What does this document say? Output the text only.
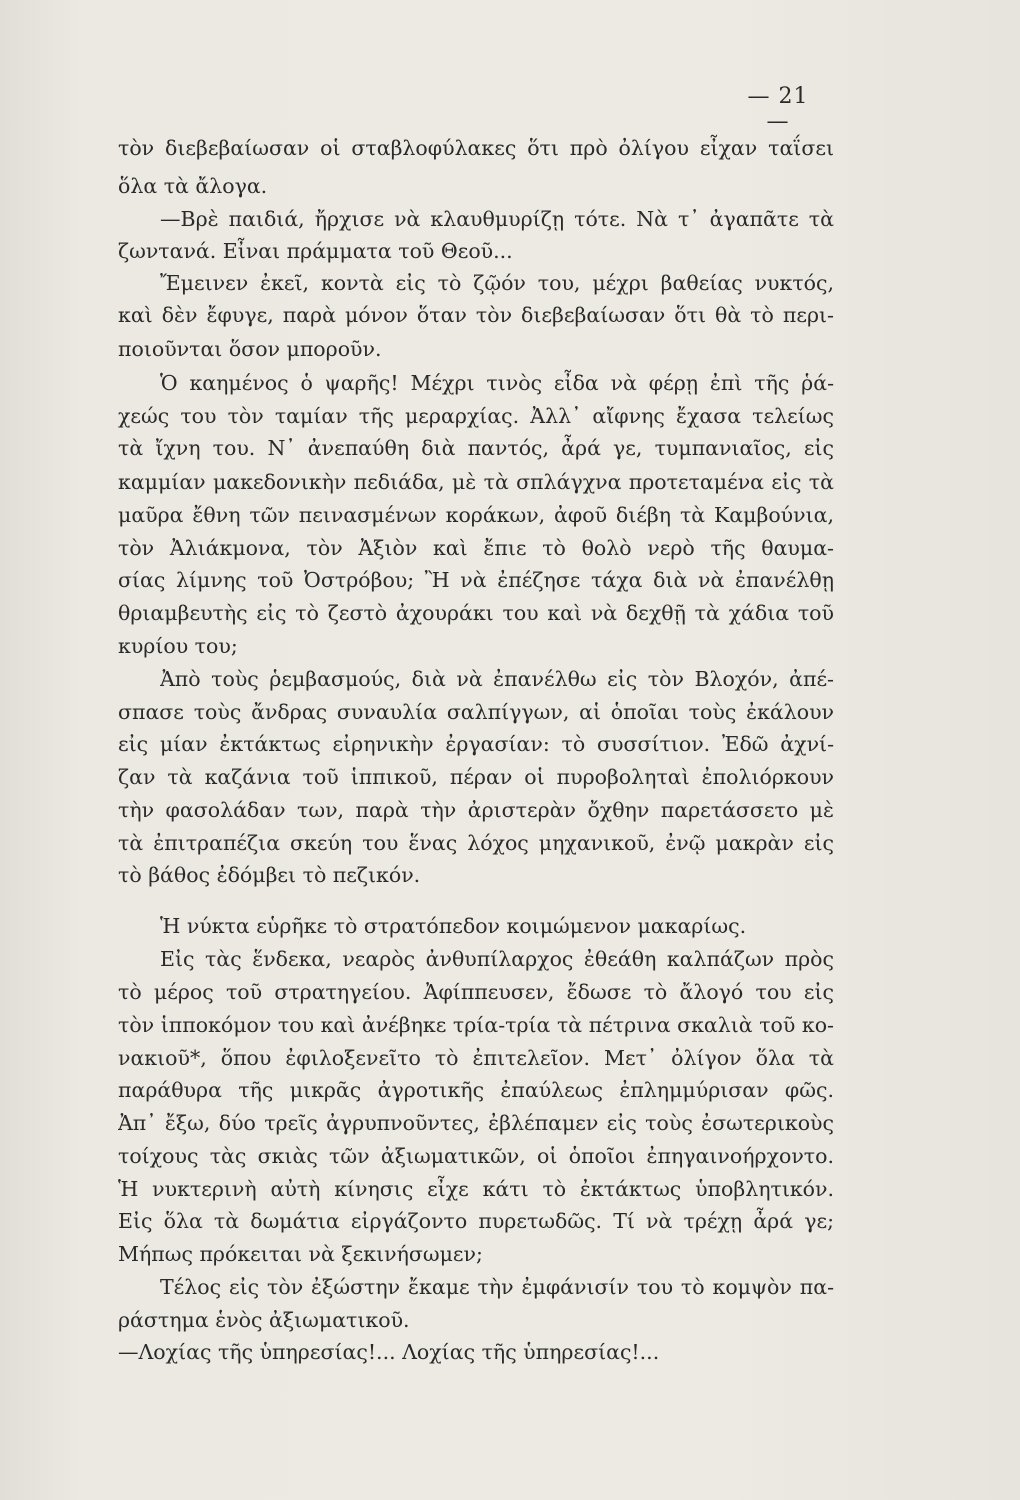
— 21 —
τὸν διεβεβαίωσαν οἱ σταβλοφύλακες ὅτι πρὸ ὀλίγου εἶχαν ταΐσει
ὅλα τὰ ἄλογα.
—Βρὲ παιδιά, ἤρχισε νὰ κλαυθμυρίζῃ τότε. Νὰ τ᾽ ἀγαπᾶτε τὰ
ζωντανά. Εἶναι πράμματα τοῦ Θεοῦ...
Ἔμεινεν ἐκεῖ, κοντὰ εἰς τὸ ζῷόν του, μέχρι βαθείας νυκτός,
καὶ δὲν ἔφυγε, παρὰ μόνον ὅταν τὸν διεβεβαίωσαν ὅτι θὰ τὸ περι-
ποιοῦνται ὅσον μποροῦν.
Ὁ καημένος ὁ ψαρῆς! Μέχρι τινὸς εἶδα νὰ φέρῃ ἐπὶ τῆς ῥά-
χεώς του τὸν ταμίαν τῆς μεραρχίας. Ἀλλ᾽ αἴφνης ἔχασα τελείως
τὰ ἴχνη του. Ν᾽ ἀνεπαύθη διὰ παντός, ἆρά γε, τυμπανιαῖος, εἰς
καμμίαν μακεδονικὴν πεδιάδα, μὲ τὰ σπλάγχνα προτεταμένα εἰς τὰ
μαῦρα ἔθνη τῶν πεινασμένων κοράκων, ἀφοῦ διέβη τὰ Καμβούνια,
τὸν Ἀλιάκμονα, τὸν Ἀξιὸν καὶ ἔπιε τὸ θολὸ νερὸ τῆς θαυμα-
σίας λίμνης τοῦ Ὀστρόβου; Ἢ νὰ ἐπέζησε τάχα διὰ νὰ ἐπανέλθῃ
θριαμβευτὴς εἰς τὸ ζεστὸ ἀχουράκι του καὶ νὰ δεχθῇ τὰ χάδια τοῦ
κυρίου του;
Ἀπὸ τοὺς ῥεμβασμούς, διὰ νὰ ἐπανέλθω εἰς τὸν Βλοχόν, ἀπέ-
σπασε τοὺς ἄνδρας συναυλία σαλπίγγων, αἱ ὁποῖαι τοὺς ἐκάλουν
εἰς μίαν ἐκτάκτως εἰρηνικὴν ἐργασίαν: τὸ συσσίτιον. Ἐδῶ ἀχνί-
ζαν τὰ καζάνια τοῦ ἱππικοῦ, πέραν οἱ πυροβοληταὶ ἐπολιόρκουν
τὴν φασολάδαν των, παρὰ τὴν ἀριστερὰν ὄχθην παρετάσσετο μὲ
τὰ ἐπιτραπέζια σκεύη του ἕνας λόχος μηχανικοῦ, ἐνῷ μακρὰν εἰς
τὸ βάθος ἐδόμβει τὸ πεζικόν.
Ἡ νύκτα εὑρῆκε τὸ στρατόπεδον κοιμώμενον μακαρίως.
Εἰς τὰς ἕνδεκα, νεαρὸς ἀνθυπίλαρχος ἐθεάθη καλπάζων πρὸς
τὸ μέρος τοῦ στρατηγείου. Ἀφίππευσεν, ἔδωσε τὸ ἄλογό του εἰς
τὸν ἱπποκόμον του καὶ ἀνέβηκε τρία-τρία τὰ πέτρινα σκαλιὰ τοῦ κο-
νακιοῦ*, ὅπου ἐφιλοξενεῖτο τὸ ἐπιτελεῖον. Μετ᾽ ὀλίγον ὅλα τὰ
παράθυρα τῆς μικρᾶς ἀγροτικῆς ἐπαύλεως ἐπλημμύρισαν φῶς.
Ἀπ᾽ ἔξω, δύο τρεῖς ἀγρυπνοῦντες, ἐβλέπαμεν εἰς τοὺς ἐσωτερικοὺς
τοίχους τὰς σκιὰς τῶν ἀξιωματικῶν, οἱ ὁποῖοι ἐπηγαινοήρχοντο.
Ἡ νυκτερινὴ αὐτὴ κίνησις εἶχε κάτι τὸ ἐκτάκτως ὑποβλητικόν.
Εἰς ὅλα τὰ δωμάτια εἰργάζοντο πυρετωδῶς. Τί νὰ τρέχῃ ἆρά γε;
Μήπως πρόκειται νὰ ξεκινήσωμεν;
Τέλος εἰς τὸν ἐξώστην ἔκαμε τὴν ἐμφάνισίν του τὸ κομψὸν πα-
ράστημα ἑνὸς ἀξιωματικοῦ.
—Λοχίας τῆς ὑπηρεσίας!... Λοχίας τῆς ὑπηρεσίας!...
